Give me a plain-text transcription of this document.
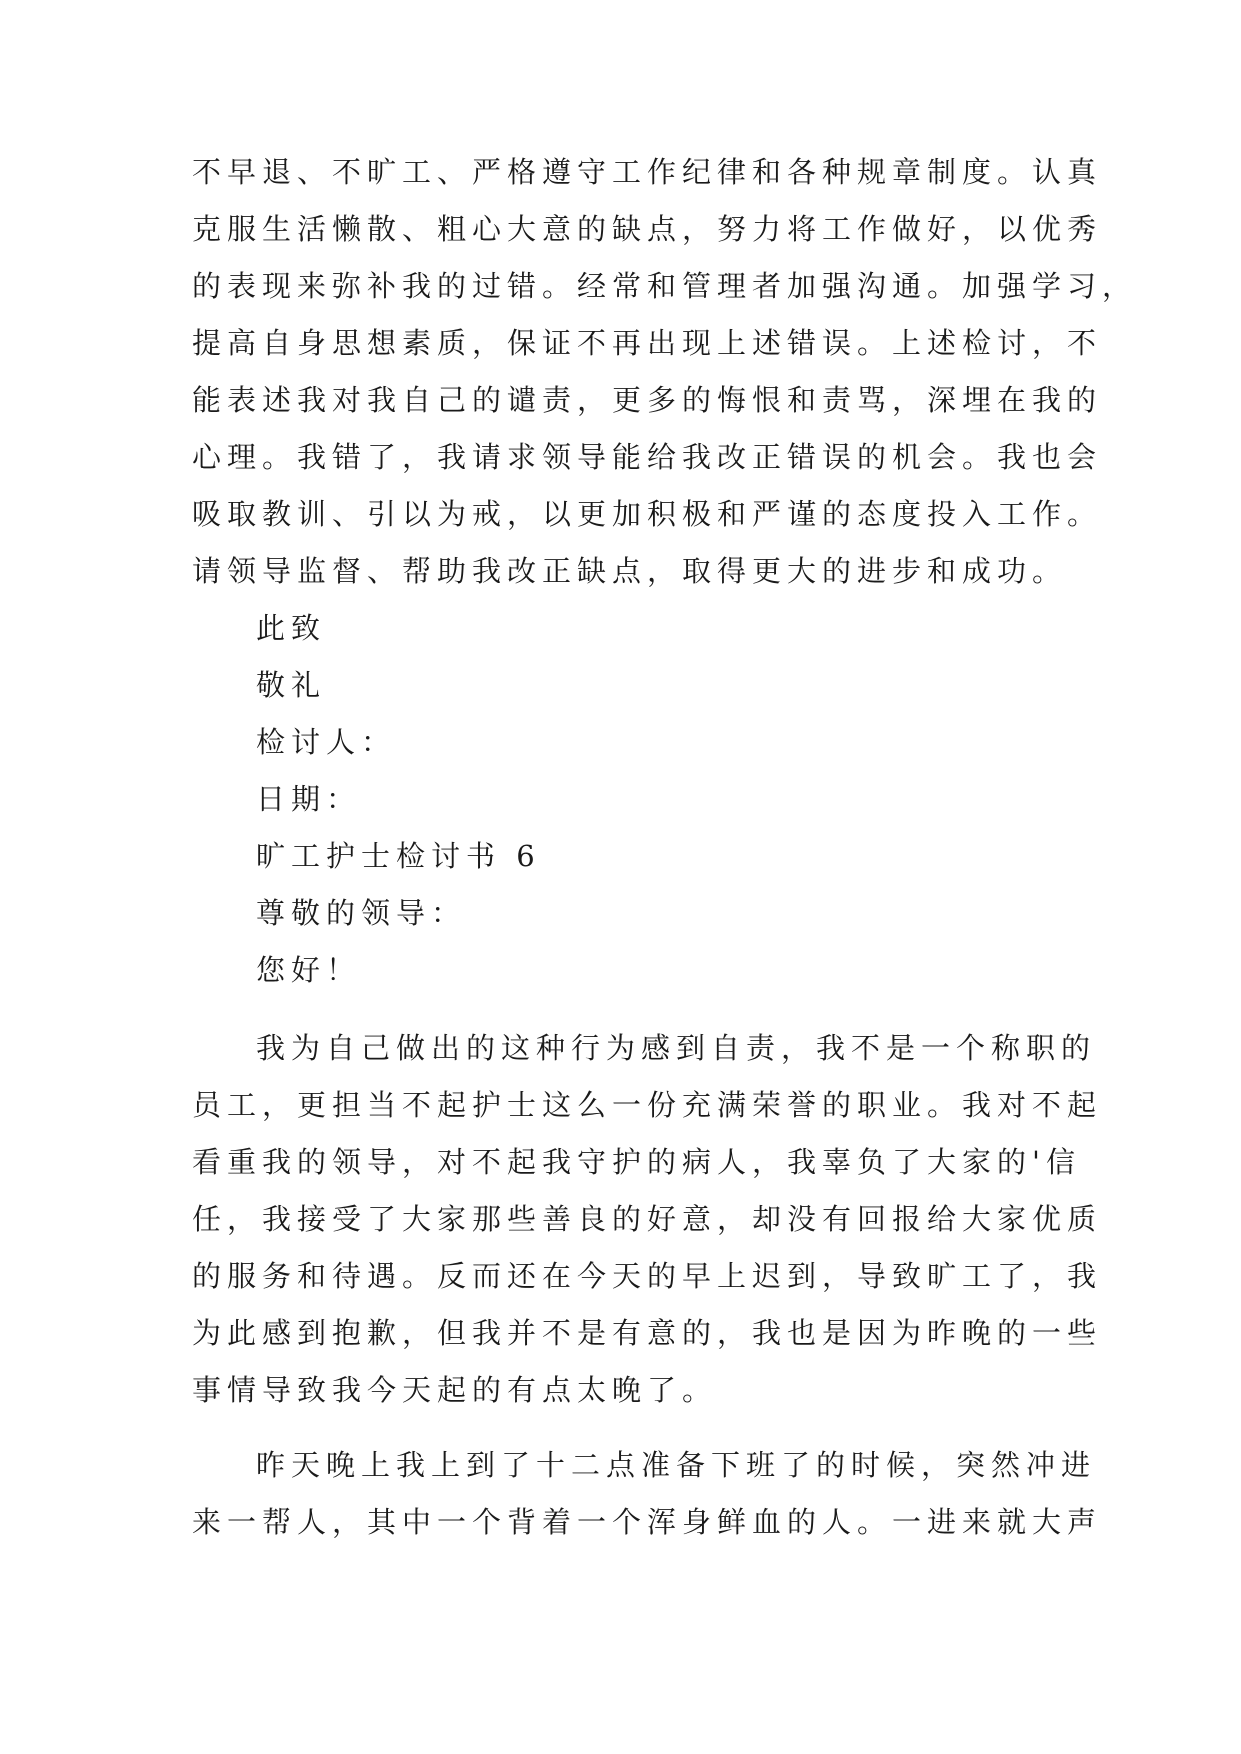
不早退、不旷工、严格遵守工作纪律和各种规章制度。认真
克服生活懒散、粗心大意的缺点，努力将工作做好，以优秀
的表现来弥补我的过错。经常和管理者加强沟通。加强学习，
提高自身思想素质，保证不再出现上述错误。上述检讨，不
能表述我对我自己的谴责，更多的悔恨和责骂，深埋在我的
心理。我错了，我请求领导能给我改正错误的机会。我也会
吸取教训、引以为戒，以更加积极和严谨的态度投入工作。
请领导监督、帮助我改正缺点，取得更大的进步和成功。
此致
敬礼
检讨人：
日期：
旷工护士检讨书 6
尊敬的领导：
您好！
我为自己做出的这种行为感到自责，我不是一个称职的
员工，更担当不起护士这么一份充满荣誉的职业。我对不起
看重我的领导，对不起我守护的病人，我辜负了大家的'信
任，我接受了大家那些善良的好意，却没有回报给大家优质
的服务和待遇。反而还在今天的早上迟到，导致旷工了，我
为此感到抱歉，但我并不是有意的，我也是因为昨晚的一些
事情导致我今天起的有点太晚了。
昨天晚上我上到了十二点准备下班了的时候，突然冲进
来一帮人，其中一个背着一个浑身鲜血的人。一进来就大声
